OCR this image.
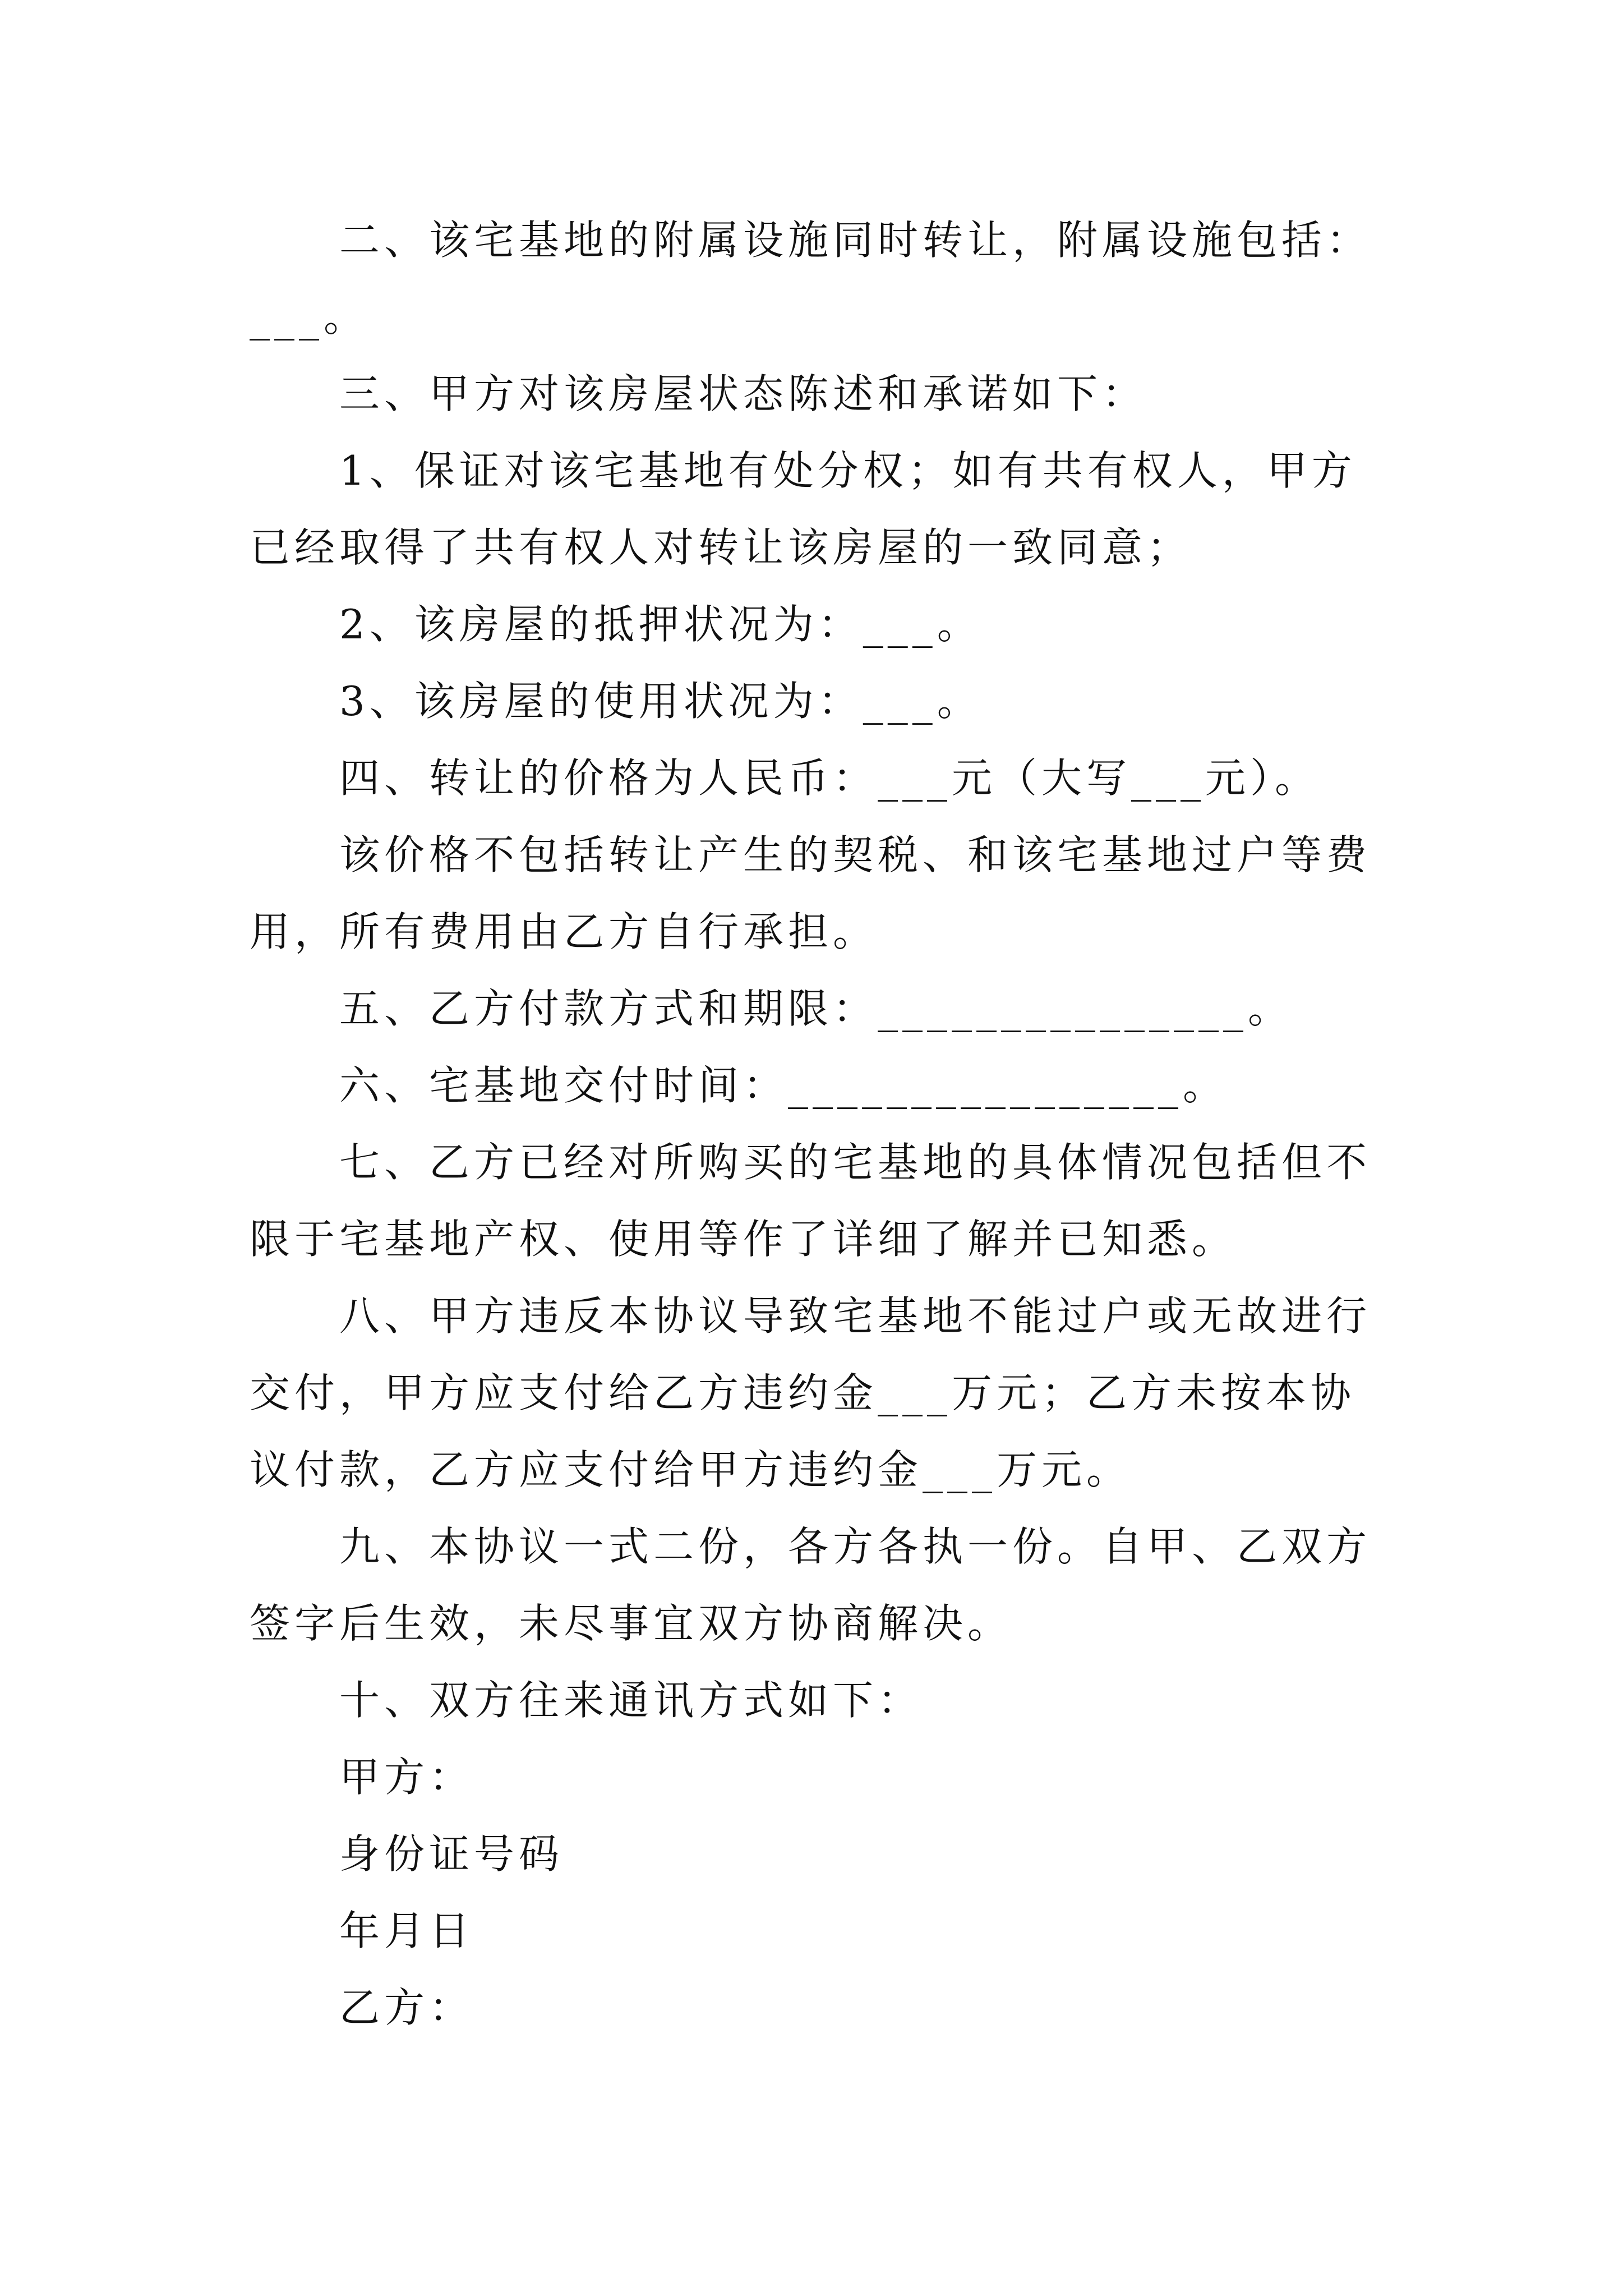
二、该宅基地的附属设施同时转让，附属设施包括：___。

三、甲方对该房屋状态陈述和承诺如下：

1、保证对该宅基地有处分权；如有共有权人，甲方已经取得了共有权人对转让该房屋的一致同意；

2、该房屋的抵押状况为：___。

3、该房屋的使用状况为：___。

四、转让的价格为人民币：___元（大写___元）。

该价格不包括转让产生的契税、和该宅基地过户等费用，所有费用由乙方自行承担。

五、乙方付款方式和期限：_______________。

六、宅基地交付时间：________________。

七、乙方已经对所购买的宅基地的具体情况包括但不限于宅基地产权、使用等作了详细了解并已知悉。

八、甲方违反本协议导致宅基地不能过户或无故进行交付，甲方应支付给乙方违约金___万元；乙方未按本协议付款，乙方应支付给甲方违约金___万元。

九、本协议一式二份，各方各执一份。自甲、乙双方签字后生效，未尽事宜双方协商解决。

十、双方往来通讯方式如下：

甲方：

身份证号码

年月日

乙方：
